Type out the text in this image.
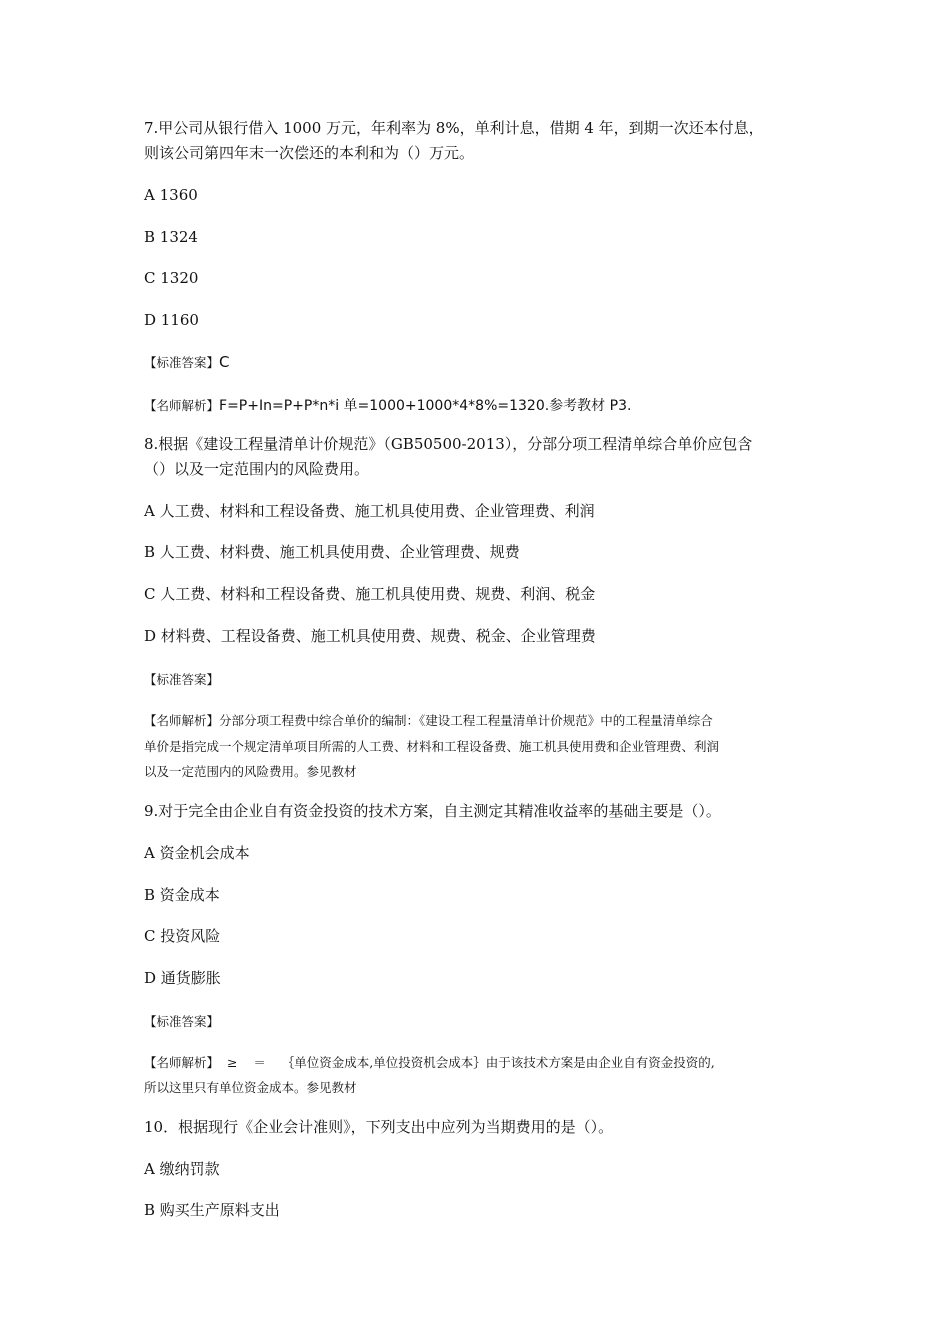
7.甲公司从银行借入 1000 万元，年利率为 8%，单利计息，借期 4 年，到期一次还本付息，
则该公司第四年末一次偿还的本利和为（）万元。
A 1360
B 1324
C 1320
D 1160
【标准答案】C
【名师解析】F=P+In=P+P*n*i 单=1000+1000*4*8%=1320.参考教材 P3.
8.根据《建设工程量清单计价规范》（GB50500-2013），分部分项工程清单综合单价应包含
（）以及一定范围内的风险费用。
A 人工费、材料和工程设备费、施工机具使用费、企业管理费、利润
B 人工费、材料费、施工机具使用费、企业管理费、规费
C 人工费、材料和工程设备费、施工机具使用费、规费、利润、税金
D 材料费、工程设备费、施工机具使用费、规费、税金、企业管理费
【标准答案】
【名师解析】分部分项工程费中综合单价的编制：《建设工程工程量清单计价规范》中的工程量清单综合
单价是指完成一个规定清单项目所需的人工费、材料和工程设备费、施工机具使用费和企业管理费、利润
以及一定范围内的风险费用。参见教材
9.对于完全由企业自有资金投资的技术方案，自主测定其精准收益率的基础主要是（）。
A 资金机会成本
B 资金成本
C 投资风险
D 通货膨胀
【标准答案】
【名师解析】  ≥    ＝    ｛单位资金成本,单位投资机会成本｝由于该技术方案是由企业自有资金投资的,
所以这里只有单位资金成本。参见教材
10．根据现行《企业会计准则》，下列支出中应列为当期费用的是（）。
A 缴纳罚款
B 购买生产原料支出
